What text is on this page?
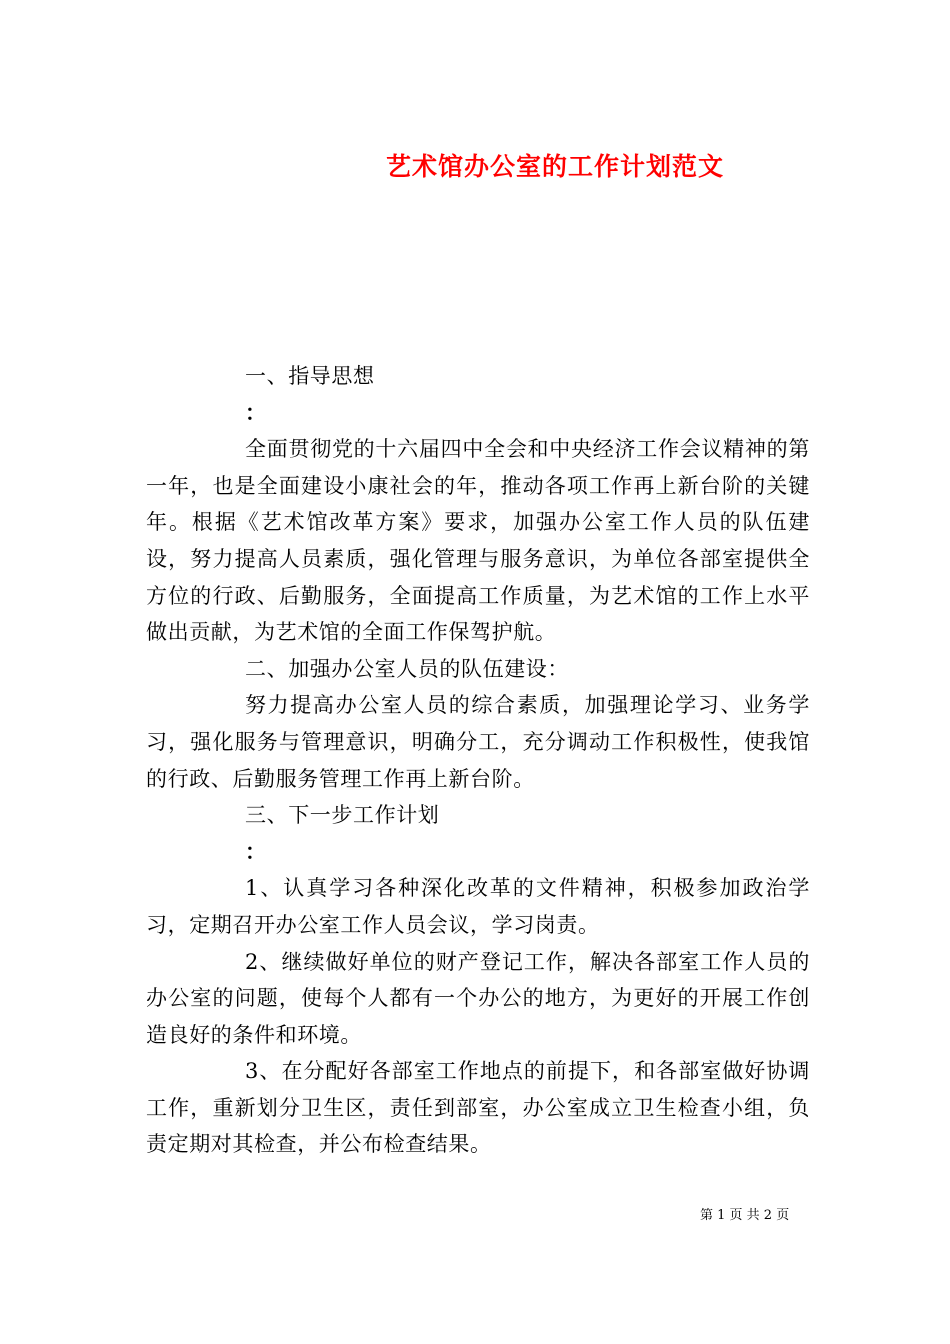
艺术馆办公室的工作计划范文

一、指导思想

：

全面贯彻党的十六届四中全会和中央经济工作会议精神的第一年，也是全面建设小康社会的年，推动各项工作再上新台阶的关键年。根据《艺术馆改革方案》要求，加强办公室工作人员的队伍建设，努力提高人员素质，强化管理与服务意识，为单位各部室提供全方位的行政、后勤服务，全面提高工作质量，为艺术馆的工作上水平做出贡献，为艺术馆的全面工作保驾护航。

二、加强办公室人员的队伍建设：

努力提高办公室人员的综合素质，加强理论学习、业务学习，强化服务与管理意识，明确分工，充分调动工作积极性，使我馆的行政、后勤服务管理工作再上新台阶。

三、下一步工作计划

：

1、认真学习各种深化改革的文件精神，积极参加政治学习，定期召开办公室工作人员会议，学习岗责。

2、继续做好单位的财产登记工作，解决各部室工作人员的办公室的问题，使每个人都有一个办公的地方，为更好的开展工作创造良好的条件和环境。

3、在分配好各部室工作地点的前提下，和各部室做好协调工作，重新划分卫生区，责任到部室，办公室成立卫生检查小组，负责定期对其检查，并公布检查结果。

第 1 页 共 2 页
